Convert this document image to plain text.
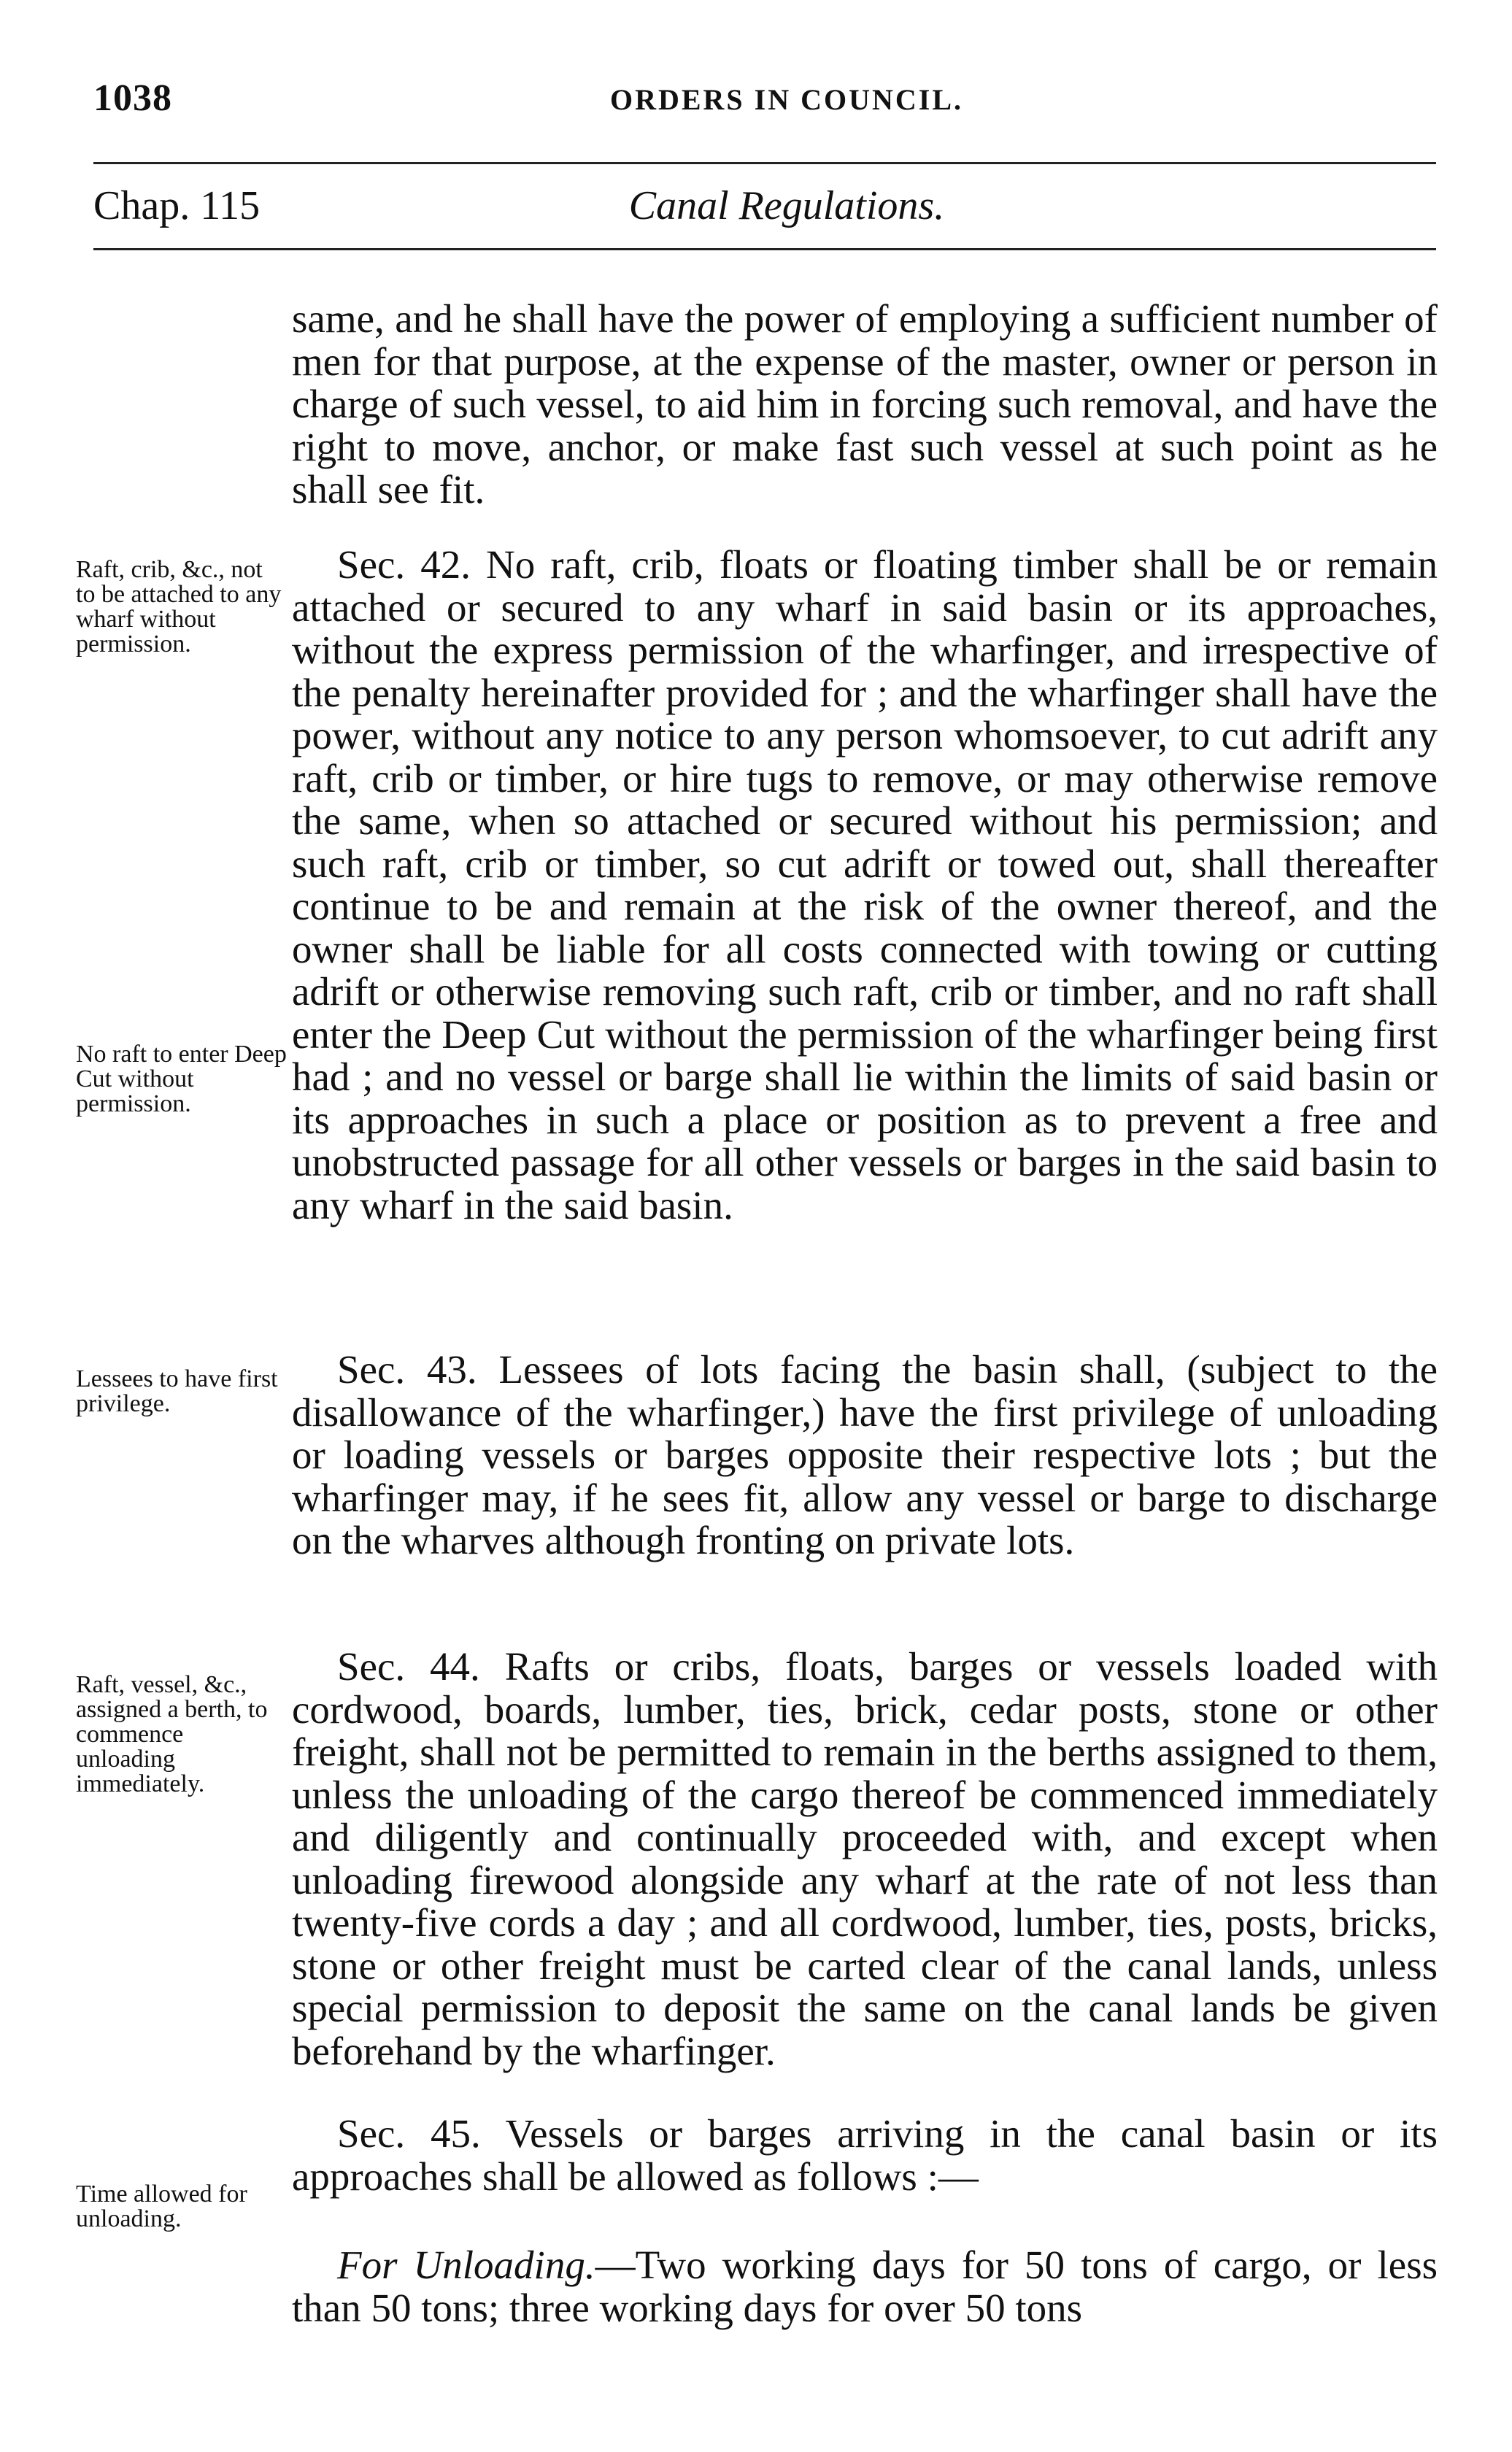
1038	ORDERS IN COUNCIL.
Chap. 115	Canal Regulations.
same, and he shall have the power of employing a sufficient number of men for that purpose, at the expense of the master, owner or person in charge of such vessel, to aid him in forcing such removal, and have the right to move, anchor, or make fast such vessel at such point as he shall see fit.
Sec. 42. No raft, crib, floats or floating timber shall be or remain attached or secured to any wharf in said basin or its approaches, without the express permission of the wharfinger, and irrespective of the penalty hereinafter provided for ; and the wharfinger shall have the power, without any notice to any person whomsoever, to cut adrift any raft, crib or timber, or hire tugs to remove, or may otherwise remove the same, when so attached or secured without his permission; and such raft, crib or timber, so cut adrift or towed out, shall thereafter continue to be and remain at the risk of the owner thereof, and the owner shall be liable for all costs connected with towing or cutting adrift or otherwise removing such raft, crib or timber, and no raft shall enter the Deep Cut without the permission of the wharfinger being first had ; and no vessel or barge shall lie within the limits of said basin or its approaches in such a place or position as to prevent a free and unobstructed passage for all other vessels or barges in the said basin to any wharf in the said basin.
Sec. 43. Lessees of lots facing the basin shall, (subject to the disallowance of the wharfinger,) have the first privilege of unloading or loading vessels or barges opposite their respective lots ; but the wharfinger may, if he sees fit, allow any vessel or barge to discharge on the wharves although fronting on private lots.
Sec. 44. Rafts or cribs, floats, barges or vessels loaded with cordwood, boards, lumber, ties, brick, cedar posts, stone or other freight, shall not be permitted to remain in the berths assigned to them, unless the unloading of the cargo thereof be commenced immediately and diligently and continually proceeded with, and except when unloading firewood alongside any wharf at the rate of not less than twenty-five cords a day ; and all cordwood, lumber, ties, posts, bricks, stone or other freight must be carted clear of the canal lands, unless special permission to deposit the same on the canal lands be given beforehand by the wharfinger.
Sec. 45. Vessels or barges arriving in the canal basin or its approaches shall be allowed as follows :—
For Unloading.—Two working days for 50 tons of cargo, or less than 50 tons; three working days for over 50 tons
Raft, crib, &c., not to be attached to any wharf without permission.
No raft to enter Deep Cut without permission.
Lessees to have first privilege.
Raft, vessel, &c., assigned a berth, to commence unloading immediately.
Time allowed for unloading.
